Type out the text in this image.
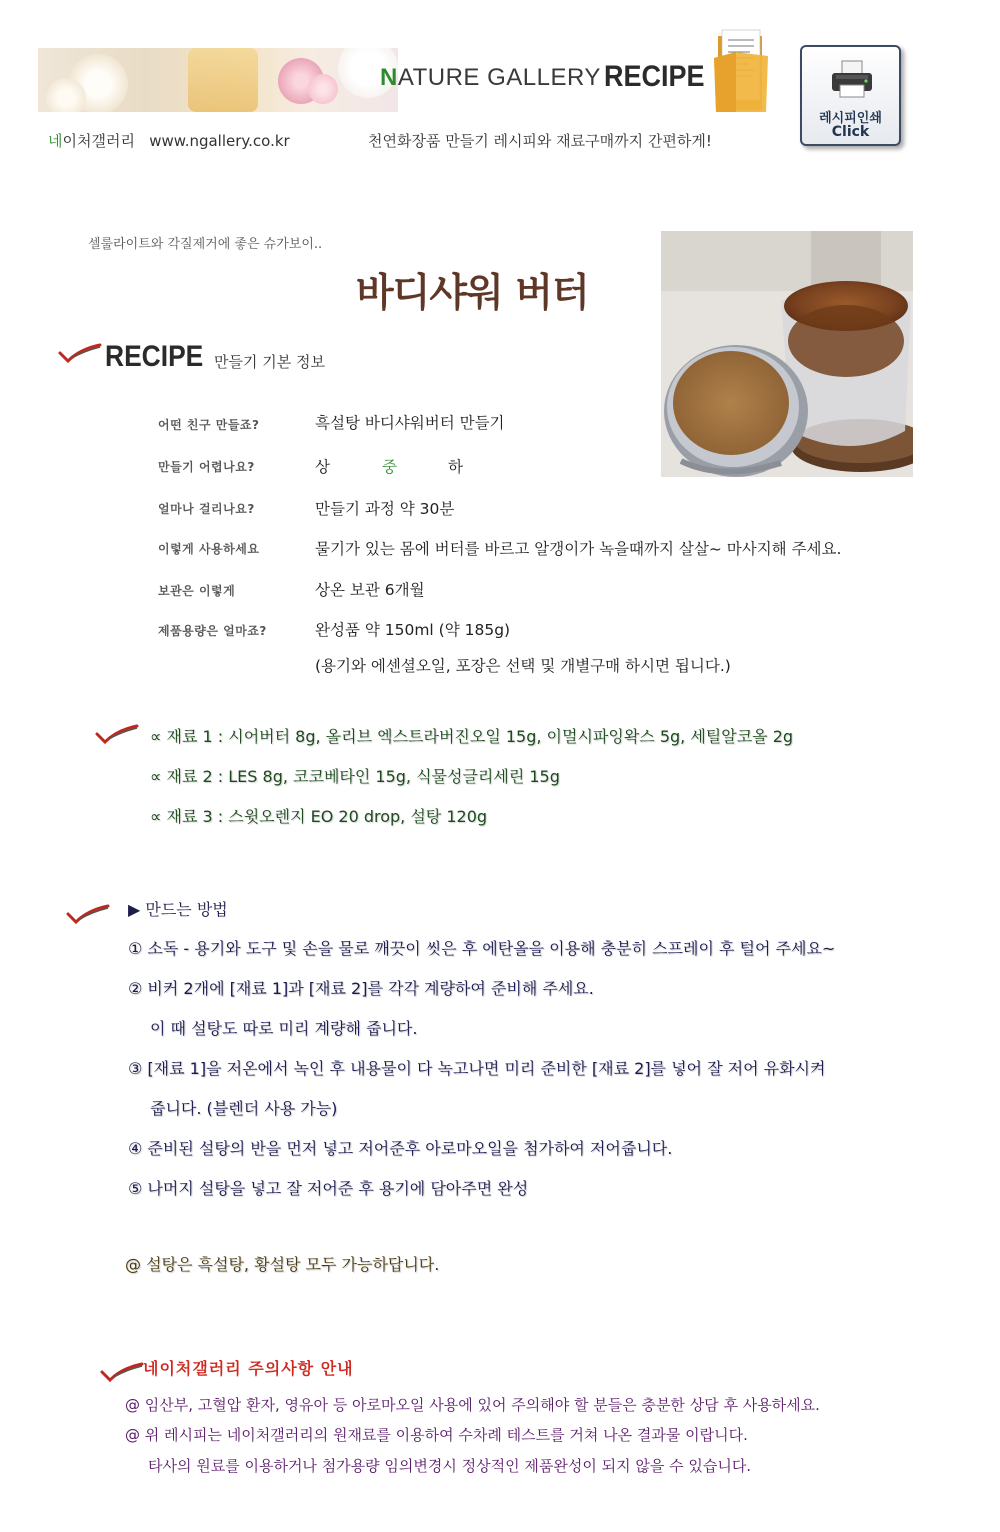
NATURE GALLERY RECIPE
레시피인쇄
Click
네이처갤러리 www.ngallery.co.kr	천연화장품 만들기 레시피와 재료구매까지 간편하게!
셀룰라이트와 각질제거에 좋은 슈가보이..
바디샤워 버터
RECIPE 만들기 기본 정보
어떤 친구 만들죠?	흑설탕 바디샤워버터 만들기
만들기 어렵나요?	상	중	하
얼마나 걸리나요?	만들기 과정 약 30분
이렇게 사용하세요	물기가 있는 몸에 버터를 바르고 알갱이가 녹을때까지 살살~ 마사지해 주세요.
보관은 이렇게	상온 보관 6개월
제품용량은 얼마죠?	완성품 약 150ml (약 185g)
(용기와 에센셜오일, 포장은 선택 및 개별구매 하시면 됩니다.)
∝ 재료 1 : 시어버터 8g, 올리브 엑스트라버진오일 15g, 이멀시파잉왁스 5g, 세틸알코올 2g
∝ 재료 2 : LES 8g, 코코베타인 15g, 식물성글리세린 15g
∝ 재료 3 : 스윗오렌지 EO 20 drop, 설탕 120g
▶ 만드는 방법
① 소독 - 용기와 도구 및 손을 물로 깨끗이 씻은 후 에탄올을 이용해 충분히 스프레이 후 털어 주세요~
② 비커 2개에 [재료 1]과 [재료 2]를 각각 계량하여 준비해 주세요.
이 때 설탕도 따로 미리 계량해 줍니다.
③ [재료 1]을 저온에서 녹인 후 내용물이 다 녹고나면 미리 준비한 [재료 2]를 넣어 잘 저어 유화시켜
줍니다. (블렌더 사용 가능)
④ 준비된 설탕의 반을 먼저 넣고 저어준후 아로마오일을 첨가하여 저어줍니다.
⑤ 나머지 설탕을 넣고 잘 저어준 후 용기에 담아주면 완성
@ 설탕은 흑설탕, 황설탕 모두 가능하답니다.
네이처갤러리 주의사항 안내
@ 임산부, 고혈압 환자, 영유아 등 아로마오일 사용에 있어 주의해야 할 분들은 충분한 상담 후 사용하세요.
@ 위 레시피는 네이처갤러리의 원재료를 이용하여 수차례 테스트를 거쳐 나온 결과물 이랍니다.
타사의 원료를 이용하거나 첨가용량 임의변경시 정상적인 제품완성이 되지 않을 수 있습니다.
